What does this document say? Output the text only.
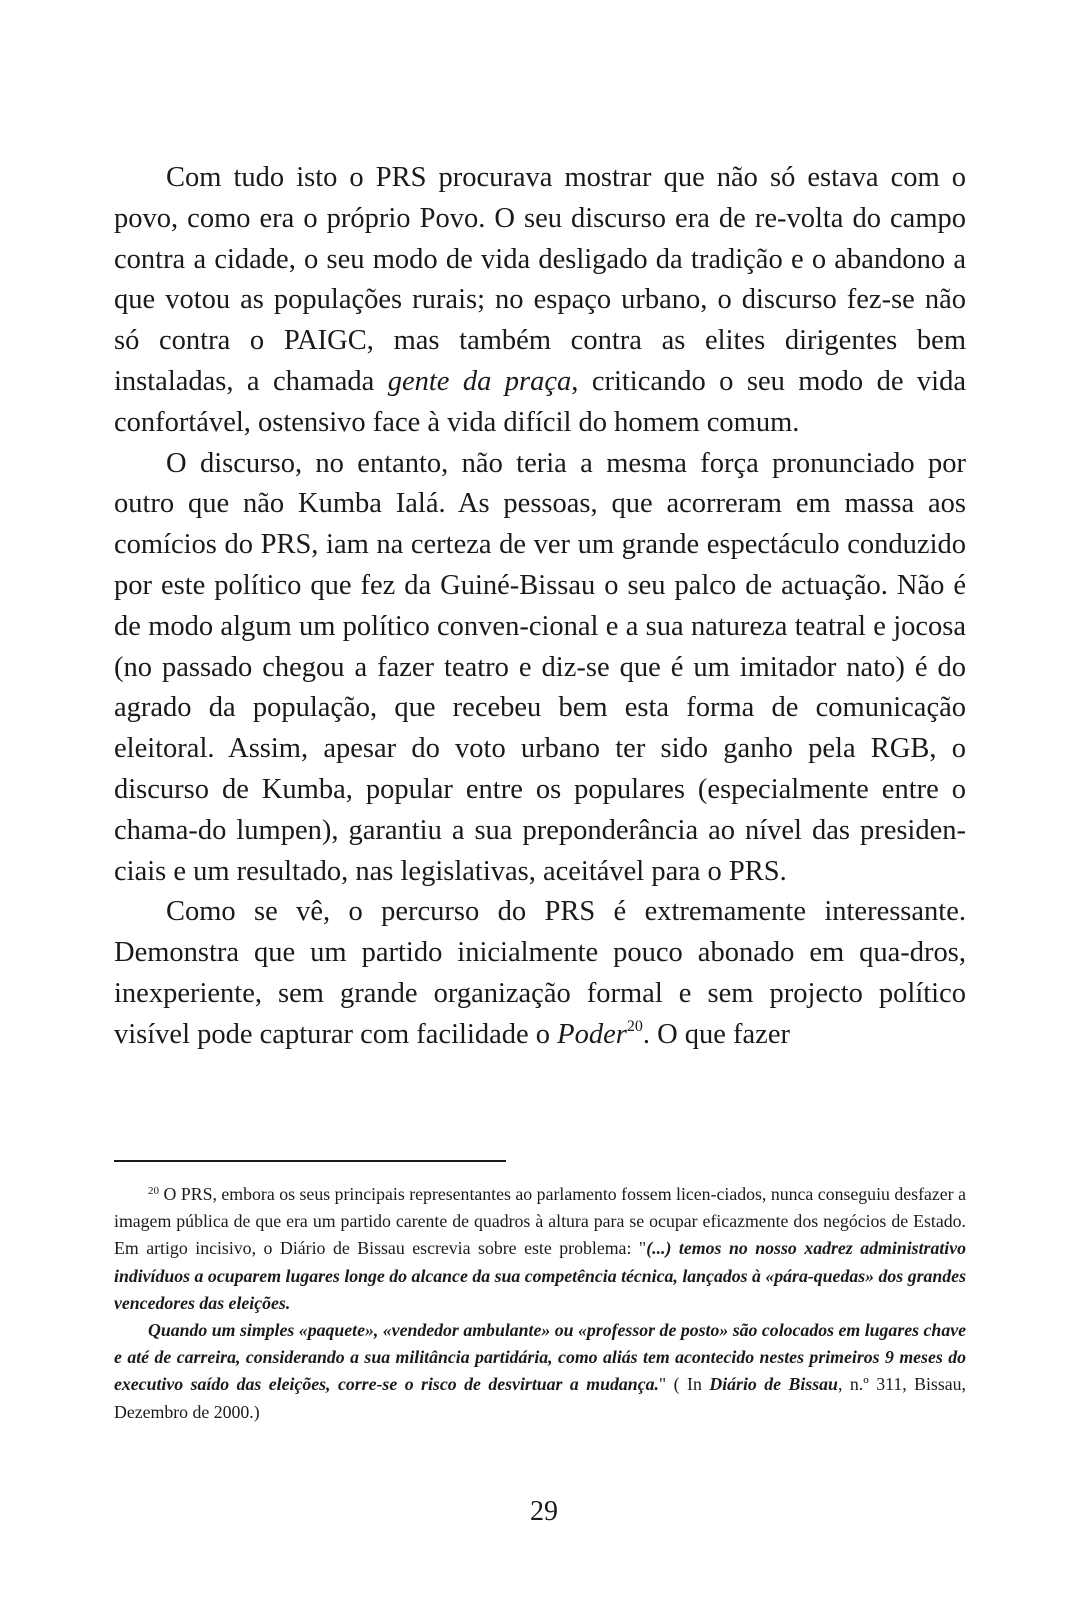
Com tudo isto o PRS procurava mostrar que não só estava com o povo, como era o próprio Povo. O seu discurso era de re-volta do campo contra a cidade, o seu modo de vida desligado da tradição e o abandono a que votou as populações rurais; no espaço urbano, o discurso fez-se não só contra o PAIGC, mas também contra as elites dirigentes bem instaladas, a chamada gente da praça, criticando o seu modo de vida confortável, ostensivo face à vida difícil do homem comum.

O discurso, no entanto, não teria a mesma força pronunciado por outro que não Kumba Ialá. As pessoas, que acorreram em massa aos comícios do PRS, iam na certeza de ver um grande espectáculo conduzido por este político que fez da Guiné-Bissau o seu palco de actuação. Não é de modo algum um político conven-cional e a sua natureza teatral e jocosa (no passado chegou a fazer teatro e diz-se que é um imitador nato) é do agrado da população, que recebeu bem esta forma de comunicação eleitoral. Assim, apesar do voto urbano ter sido ganho pela RGB, o discurso de Kumba, popular entre os populares (especialmente entre o chama-do lumpen), garantiu a sua preponderância ao nível das presiden-ciais e um resultado, nas legislativas, aceitável para o PRS.

Como se vê, o percurso do PRS é extremamente interessante. Demonstra que um partido inicialmente pouco abonado em qua-dros, inexperiente, sem grande organização formal e sem projecto político visível pode capturar com facilidade o Poder$^{20}$. O que fazer

$^{20}$ O PRS, embora os seus principais representantes ao parlamento fossem licen-ciados, nunca conseguiu desfazer a imagem pública de que era um partido carente de quadros à altura para se ocupar eficazmente dos negócios de Estado. Em artigo incisivo, o Diário de Bissau escrevia sobre este problema: "(...) temos no nosso xadrez administrativo indivíduos a ocuparem lugares longe do alcance da sua competência técnica, lançados à «pára-quedas» dos grandes vencedores das eleições.

Quando um simples «paquete», «vendedor ambulante» ou «professor de posto» são colocados em lugares chave e até de carreira, considerando a sua militância partidária, como aliás tem acontecido nestes primeiros 9 meses do executivo saído das eleições, corre-se o risco de desvirtuar a mudança." ( In Diário de Bissau, n.º 311, Bissau, Dezembro de 2000.)

29
